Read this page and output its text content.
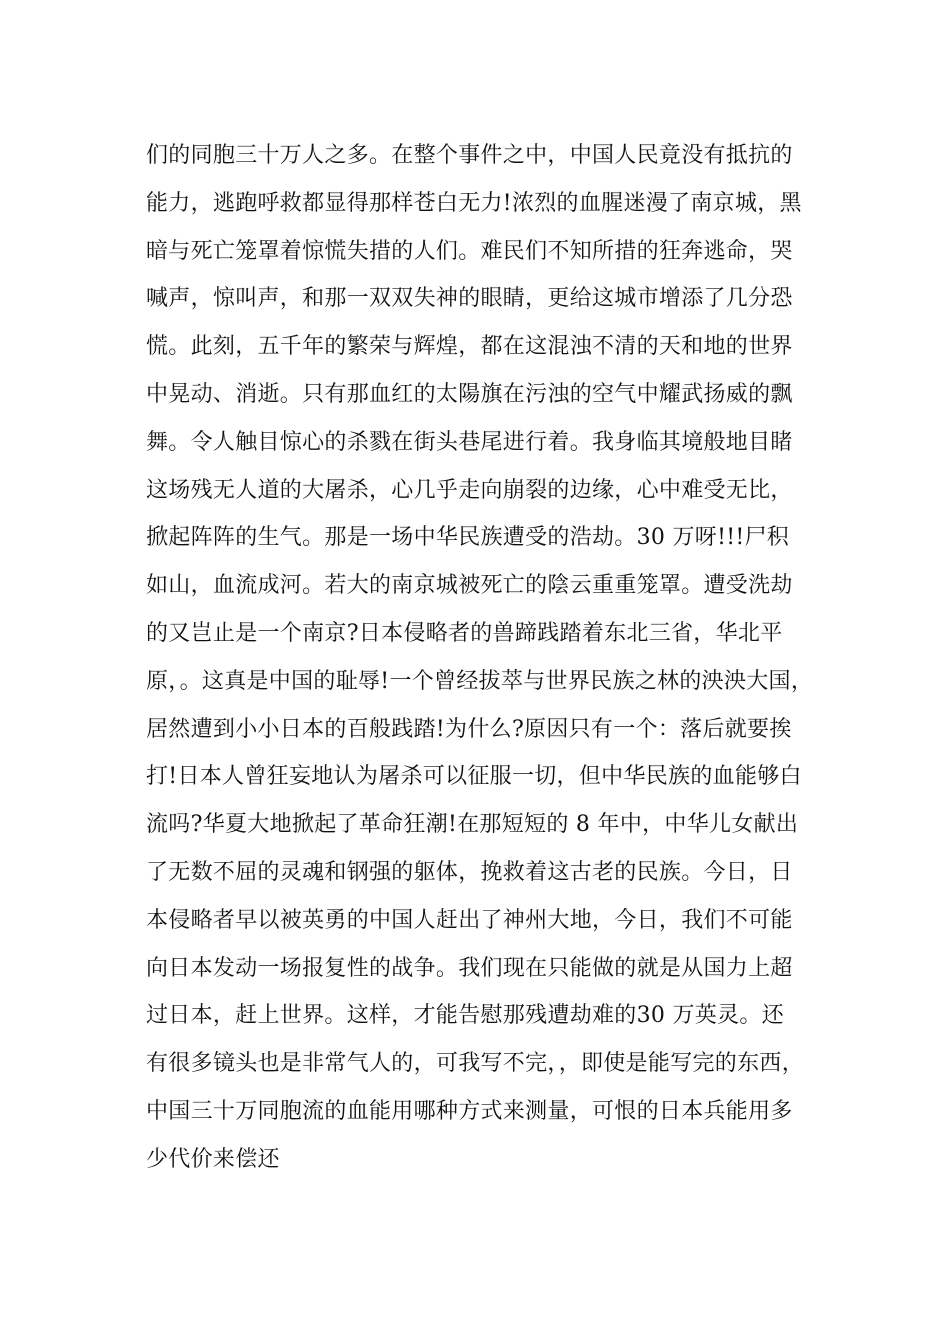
们的同胞三十万人之多。在整个事件之中，中国人民竟没有抵抗的
能力，逃跑呼救都显得那样苍白无力!浓烈的血腥迷漫了南京城，黑
暗与死亡笼罩着惊慌失措的人们。难民们不知所措的狂奔逃命，哭
喊声，惊叫声，和那一双双失神的眼睛，更给这城市增添了几分恐
慌。此刻，五千年的繁荣与辉煌，都在这混浊不清的天和地的世界
中晃动、消逝。只有那血红的太陽旗在污浊的空气中耀武扬威的飘
舞。令人触目惊心的杀戮在街头巷尾进行着。我身临其境般地目睹
这场残无人道的大屠杀，心几乎走向崩裂的边缘，心中难受无比，
掀起阵阵的生气。那是一场中华民族遭受的浩劫。30 万呀!!!尸积
如山，血流成河。若大的南京城被死亡的陰云重重笼罩。遭受洗劫
的又岂止是一个南京?日本侵略者的兽蹄践踏着东北三省，华北平
原，。这真是中国的耻辱!一个曾经拔萃与世界民族之林的泱泱大国，
居然遭到小小日本的百般践踏!为什么?原因只有一个：落后就要挨
打!日本人曾狂妄地认为屠杀可以征服一切，但中华民族的血能够白
流吗?华夏大地掀起了革命狂潮!在那短短的 8 年中，中华儿女献出
了无数不屈的灵魂和钢强的躯体，挽救着这古老的民族。今日，日
本侵略者早以被英勇的中国人赶出了神州大地，今日，我们不可能
向日本发动一场报复性的战争。我们现在只能做的就是从国力上超
过日本，赶上世界。这样，才能告慰那残遭劫难的30 万英灵。还
有很多镜头也是非常气人的，可我写不完，，即使是能写完的东西，
中国三十万同胞流的血能用哪种方式来测量，可恨的日本兵能用多
少代价来偿还
